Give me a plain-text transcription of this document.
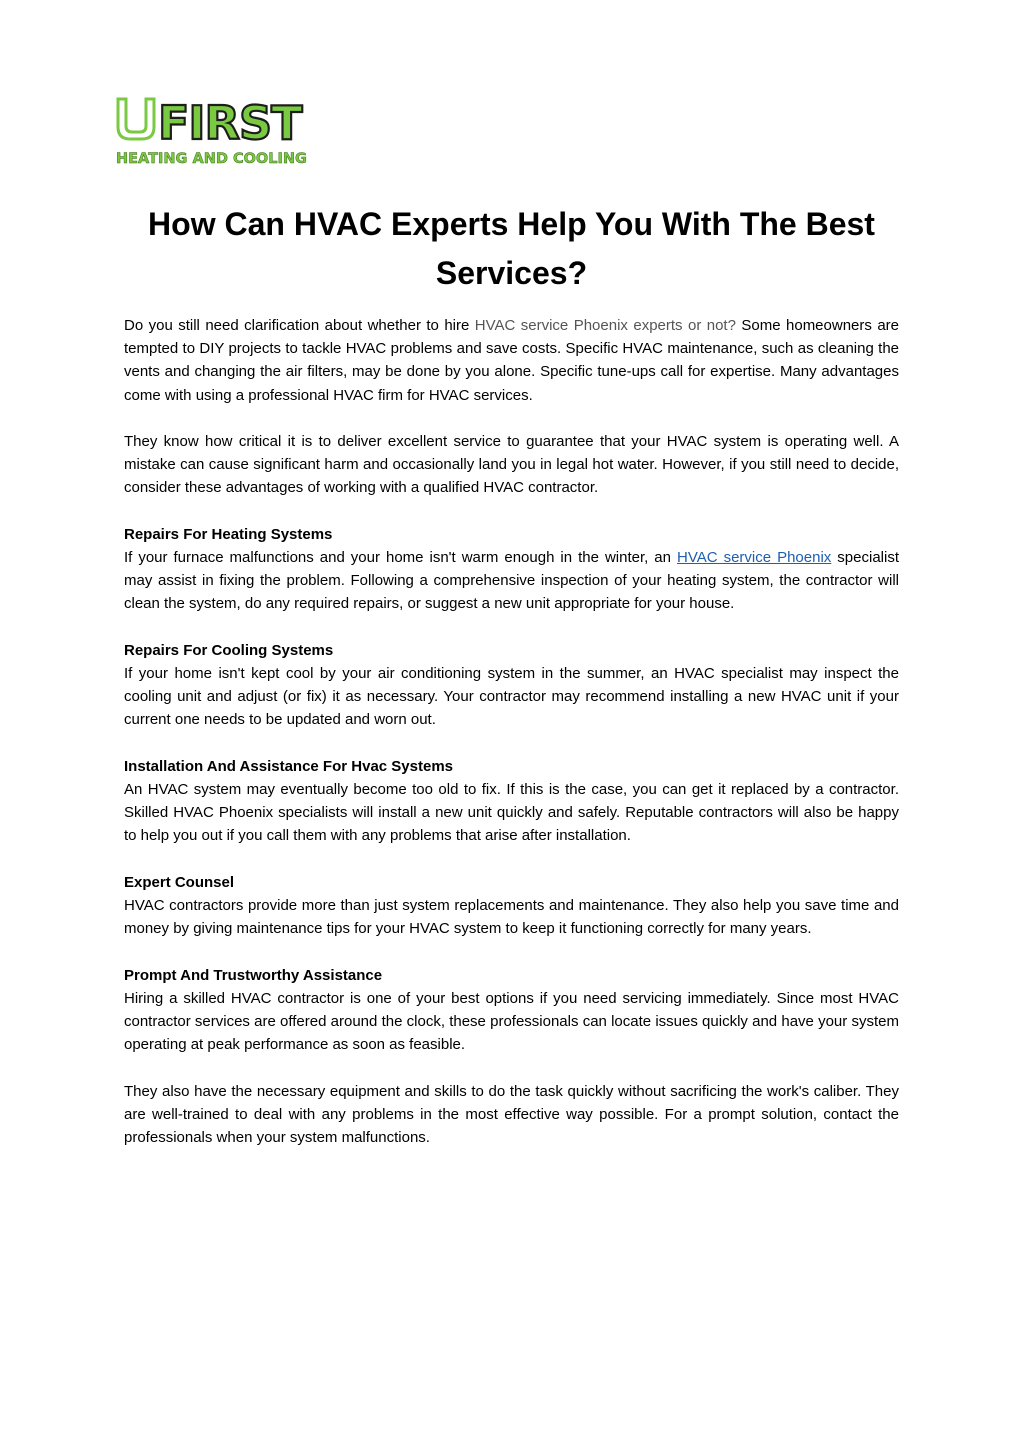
FIRST
HEATING AND COOLING
How Can HVAC Experts Help You With The Best Services?

Do you still need clarification about whether to hire HVAC service Phoenix experts or not? Some homeowners are tempted to DIY projects to tackle HVAC problems and save costs. Specific HVAC maintenance, such as cleaning the vents and changing the air filters, may be done by you alone. Specific tune-ups call for expertise. Many advantages come with using a professional HVAC firm for HVAC services.

They know how critical it is to deliver excellent service to guarantee that your HVAC system is operating well. A mistake can cause significant harm and occasionally land you in legal hot water. However, if you still need to decide, consider these advantages of working with a qualified HVAC contractor.

Repairs For Heating Systems
If your furnace malfunctions and your home isn't warm enough in the winter, an HVAC service Phoenix specialist may assist in fixing the problem. Following a comprehensive inspection of your heating system, the contractor will clean the system, do any required repairs, or suggest a new unit appropriate for your house.

Repairs For Cooling Systems
If your home isn't kept cool by your air conditioning system in the summer, an HVAC specialist may inspect the cooling unit and adjust (or fix) it as necessary. Your contractor may recommend installing a new HVAC unit if your current one needs to be updated and worn out.

Installation And Assistance For Hvac Systems
An HVAC system may eventually become too old to fix. If this is the case, you can get it replaced by a contractor. Skilled HVAC Phoenix specialists will install a new unit quickly and safely. Reputable contractors will also be happy to help you out if you call them with any problems that arise after installation.

Expert Counsel
HVAC contractors provide more than just system replacements and maintenance. They also help you save time and money by giving maintenance tips for your HVAC system to keep it functioning correctly for many years.

Prompt And Trustworthy Assistance
Hiring a skilled HVAC contractor is one of your best options if you need servicing immediately. Since most HVAC contractor services are offered around the clock, these professionals can locate issues quickly and have your system operating at peak performance as soon as feasible.

They also have the necessary equipment and skills to do the task quickly without sacrificing the work's caliber. They are well-trained to deal with any problems in the most effective way possible. For a prompt solution, contact the professionals when your system malfunctions.
